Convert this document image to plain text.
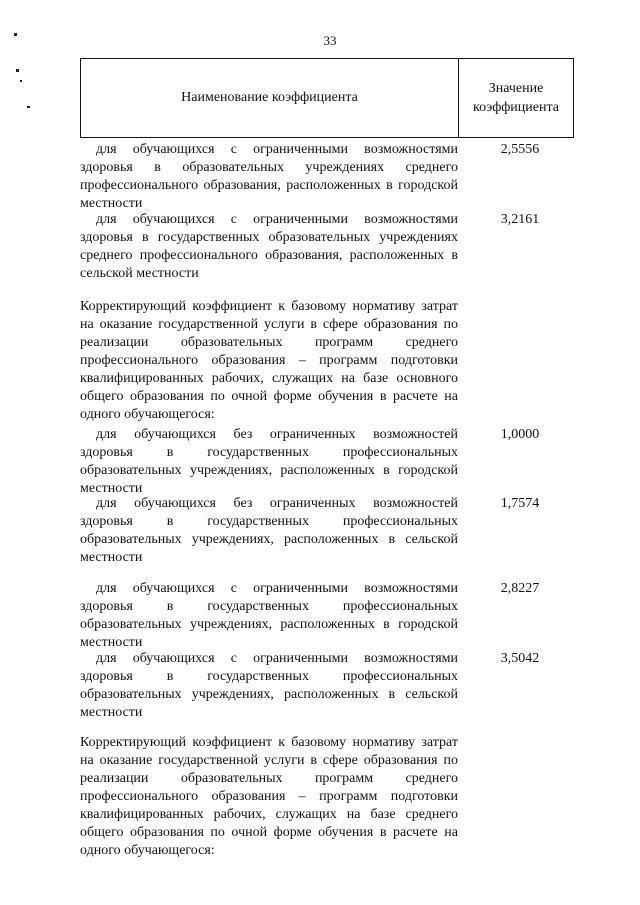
33
Наименование коэффициента
Значение
коэффициента

для обучающихся с ограниченными возможностями здоровья в образовательных учреждениях среднего профессионального образования, расположенных в городской местности

2,5556

для обучающихся с ограниченными возможностями здоровья в государственных образовательных учреждениях среднего профессионального образования, расположенных в сельской местности

3,2161

Корректирующий коэффициент к базовому нормативу затрат на оказание государственной услуги в сфере образования по реализации образовательных программ среднего профессионального образования – программ подготовки квалифицированных рабочих, служащих на базе основного общего образования по очной форме обучения в расчете на одного обучающегося:

для обучающихся без ограниченных возможностей здоровья в государственных профессиональных образовательных учреждениях, расположенных в городской местности

1,0000

для обучающихся без ограниченных возможностей здоровья в государственных профессиональных образовательных учреждениях, расположенных в сельской местности

1,7574

для обучающихся с ограниченными возможностями здоровья в государственных профессиональных образовательных учреждениях, расположенных в городской местности

2,8227

для обучающихся с ограниченными возможностями здоровья в государственных профессиональных образовательных учреждениях, расположенных в сельской местности

3,5042

Корректирующий коэффициент к базовому нормативу затрат на оказание государственной услуги в сфере образования по реализации образовательных программ среднего профессионального образования – программ подготовки квалифицированных рабочих, служащих на базе среднего общего образования по очной форме обучения в расчете на одного обучающегося:
